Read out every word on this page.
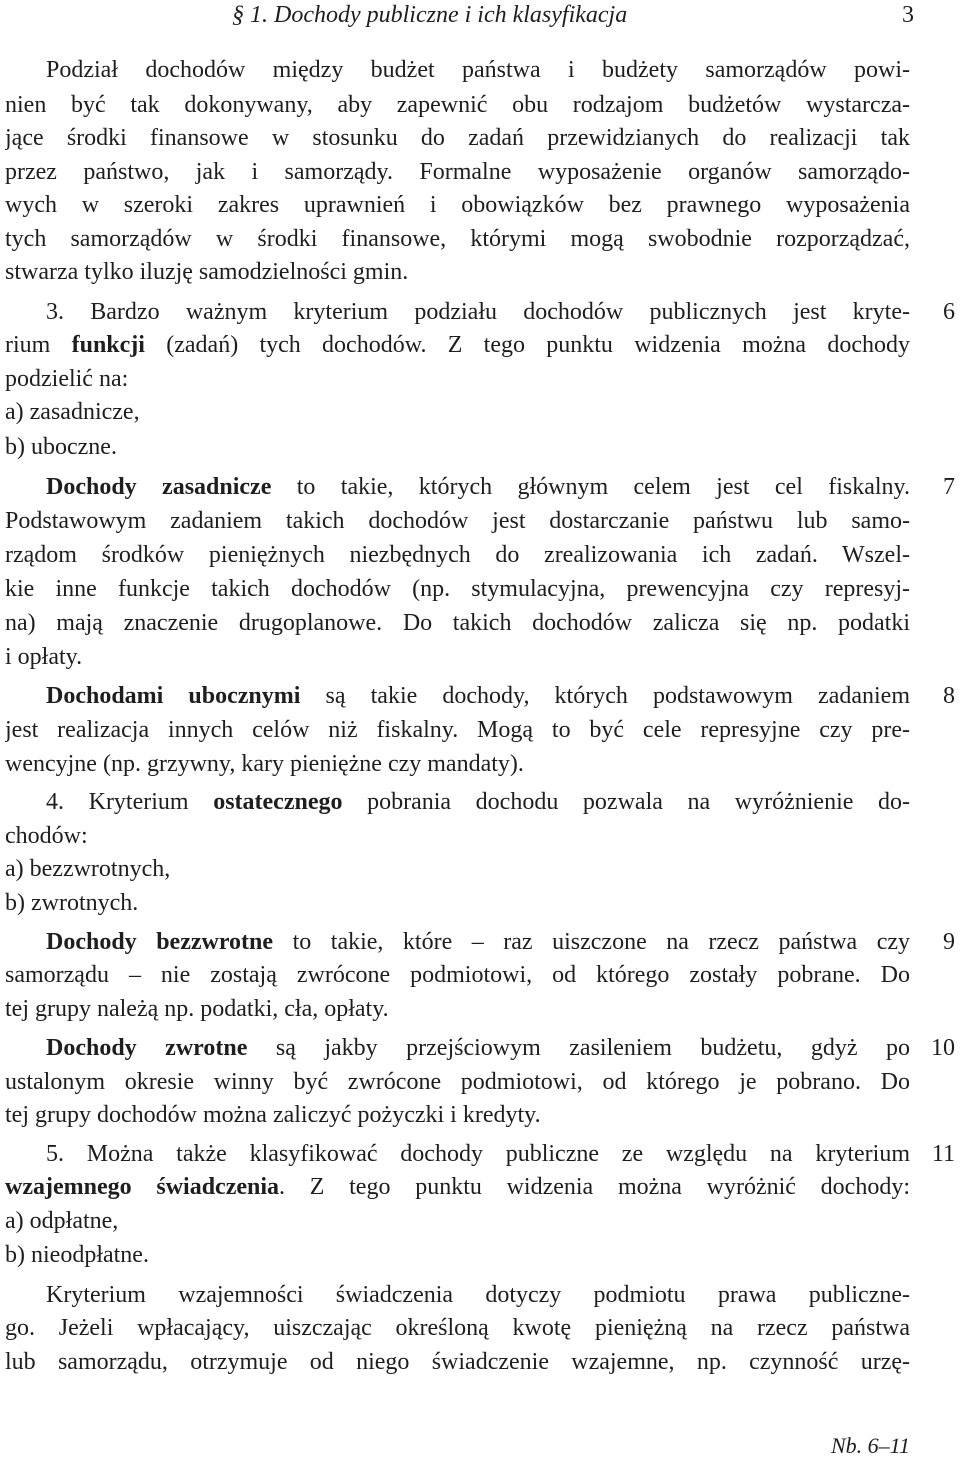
§ 1. Dochody publiczne i ich klasyfikacja	3
Podział dochodów między budżet państwa i budżety samorządów powi-
nien być tak dokonywany, aby zapewnić obu rodzajom budżetów wystarcza-
jące środki finansowe w stosunku do zadań przewidzianych do realizacji tak
przez państwo, jak i samorządy. Formalne wyposażenie organów samorządo-
wych w szeroki zakres uprawnień i obowiązków bez prawnego wyposażenia
tych samorządów w środki finansowe, którymi mogą swobodnie rozporządzać,
stwarza tylko iluzję samodzielności gmin.
3. Bardzo ważnym kryterium podziału dochodów publicznych jest kryte-
rium funkcji (zadań) tych dochodów. Z tego punktu widzenia można dochody
podzielić na:
a) zasadnicze,
b) uboczne.
Dochody zasadnicze to takie, których głównym celem jest cel fiskalny.
Podstawowym zadaniem takich dochodów jest dostarczanie państwu lub samo-
rządom środków pieniężnych niezbędnych do zrealizowania ich zadań. Wszel-
kie inne funkcje takich dochodów (np. stymulacyjna, prewencyjna czy represyj-
na) mają znaczenie drugoplanowe. Do takich dochodów zalicza się np. podatki
i opłaty.
Dochodami ubocznymi są takie dochody, których podstawowym zadaniem
jest realizacja innych celów niż fiskalny. Mogą to być cele represyjne czy pre-
wencyjne (np. grzywny, kary pieniężne czy mandaty).
4. Kryterium ostatecznego pobrania dochodu pozwala na wyróżnienie do-
chodów:
a) bezzwrotnych,
b) zwrotnych.
Dochody bezzwrotne to takie, które – raz uiszczone na rzecz państwa czy
samorządu – nie zostają zwrócone podmiotowi, od którego zostały pobrane. Do
tej grupy należą np. podatki, cła, opłaty.
Dochody zwrotne są jakby przejściowym zasileniem budżetu, gdyż po
ustalonym okresie winny być zwrócone podmiotowi, od którego je pobrano. Do
tej grupy dochodów można zaliczyć pożyczki i kredyty.
5. Można także klasyfikować dochody publiczne ze względu na kryterium
wzajemnego świadczenia. Z tego punktu widzenia można wyróżnić dochody:
a) odpłatne,
b) nieodpłatne.
Kryterium wzajemności świadczenia dotyczy podmiotu prawa publiczne-
go. Jeżeli wpłacający, uiszczając określoną kwotę pieniężną na rzecz państwa
lub samorządu, otrzymuje od niego świadczenie wzajemne, np. czynność urzę-
6
7
8
9
10
11
Nb. 6–11
